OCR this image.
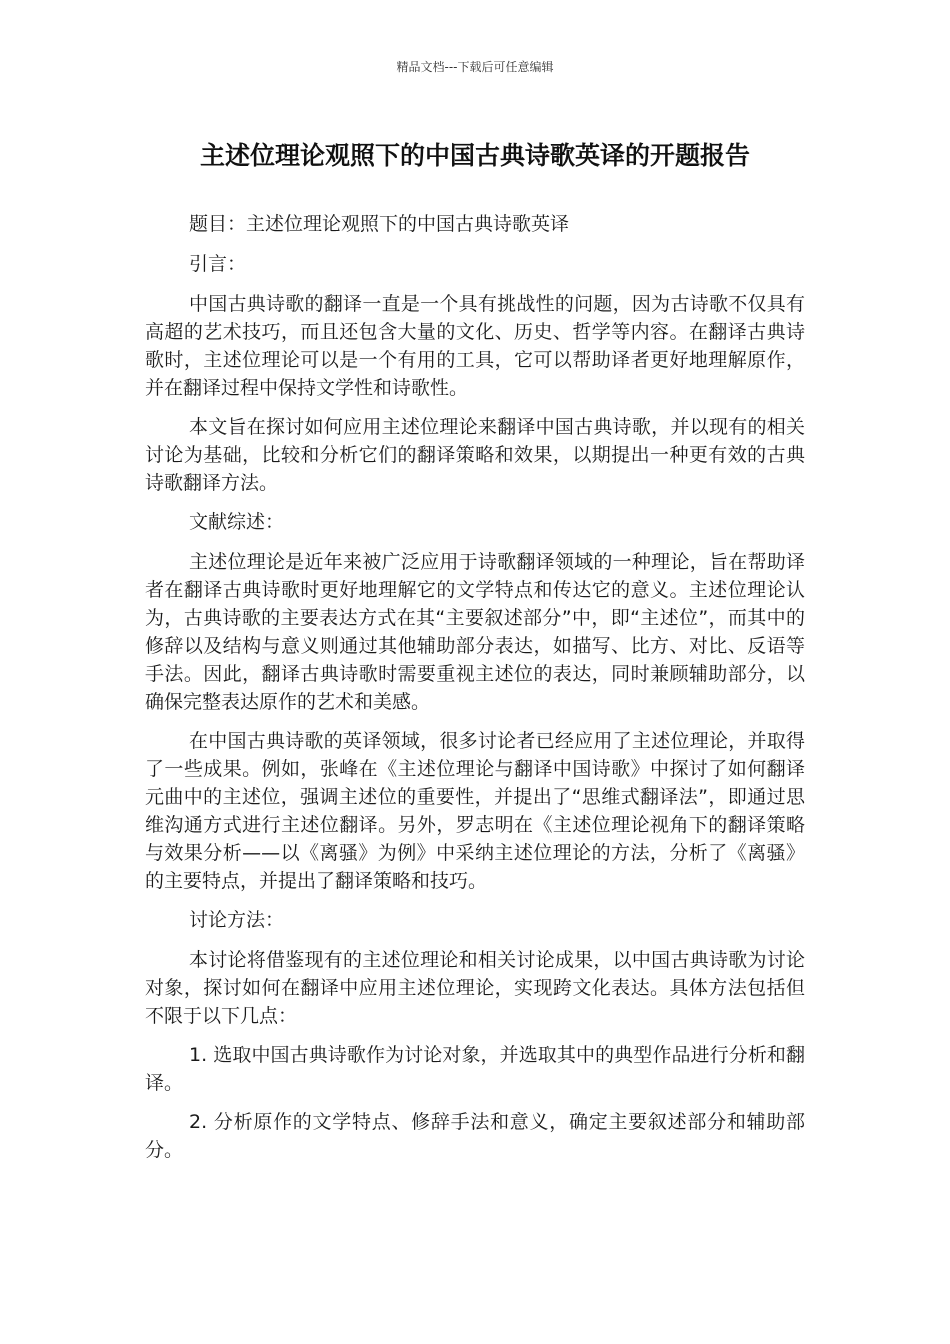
精品文档---下载后可任意编辑
主述位理论观照下的中国古典诗歌英译的开题报告

题目：主述位理论观照下的中国古典诗歌英译

引言：

中国古典诗歌的翻译一直是一个具有挑战性的问题，因为古诗歌不仅具有高超的艺术技巧，而且还包含大量的文化、历史、哲学等内容。在翻译古典诗歌时，主述位理论可以是一个有用的工具，它可以帮助译者更好地理解原作，并在翻译过程中保持文学性和诗歌性。

本文旨在探讨如何应用主述位理论来翻译中国古典诗歌，并以现有的相关讨论为基础，比较和分析它们的翻译策略和效果，以期提出一种更有效的古典诗歌翻译方法。

文献综述：

主述位理论是近年来被广泛应用于诗歌翻译领域的一种理论，旨在帮助译者在翻译古典诗歌时更好地理解它的文学特点和传达它的意义。主述位理论认为，古典诗歌的主要表达方式在其“主要叙述部分”中，即“主述位”，而其中的修辞以及结构与意义则通过其他辅助部分表达，如描写、比方、对比、反语等手法。因此，翻译古典诗歌时需要重视主述位的表达，同时兼顾辅助部分，以确保完整表达原作的艺术和美感。

在中国古典诗歌的英译领域，很多讨论者已经应用了主述位理论，并取得了一些成果。例如，张峰在《主述位理论与翻译中国诗歌》中探讨了如何翻译元曲中的主述位，强调主述位的重要性，并提出了“思维式翻译法”，即通过思维沟通方式进行主述位翻译。另外，罗志明在《主述位理论视角下的翻译策略与效果分析——以《离骚》为例》中采纳主述位理论的方法，分析了《离骚》的主要特点，并提出了翻译策略和技巧。

讨论方法：

本讨论将借鉴现有的主述位理论和相关讨论成果，以中国古典诗歌为讨论对象，探讨如何在翻译中应用主述位理论，实现跨文化表达。具体方法包括但不限于以下几点：

1. 选取中国古典诗歌作为讨论对象，并选取其中的典型作品进行分析和翻译。

2. 分析原作的文学特点、修辞手法和意义，确定主要叙述部分和辅助部分。
